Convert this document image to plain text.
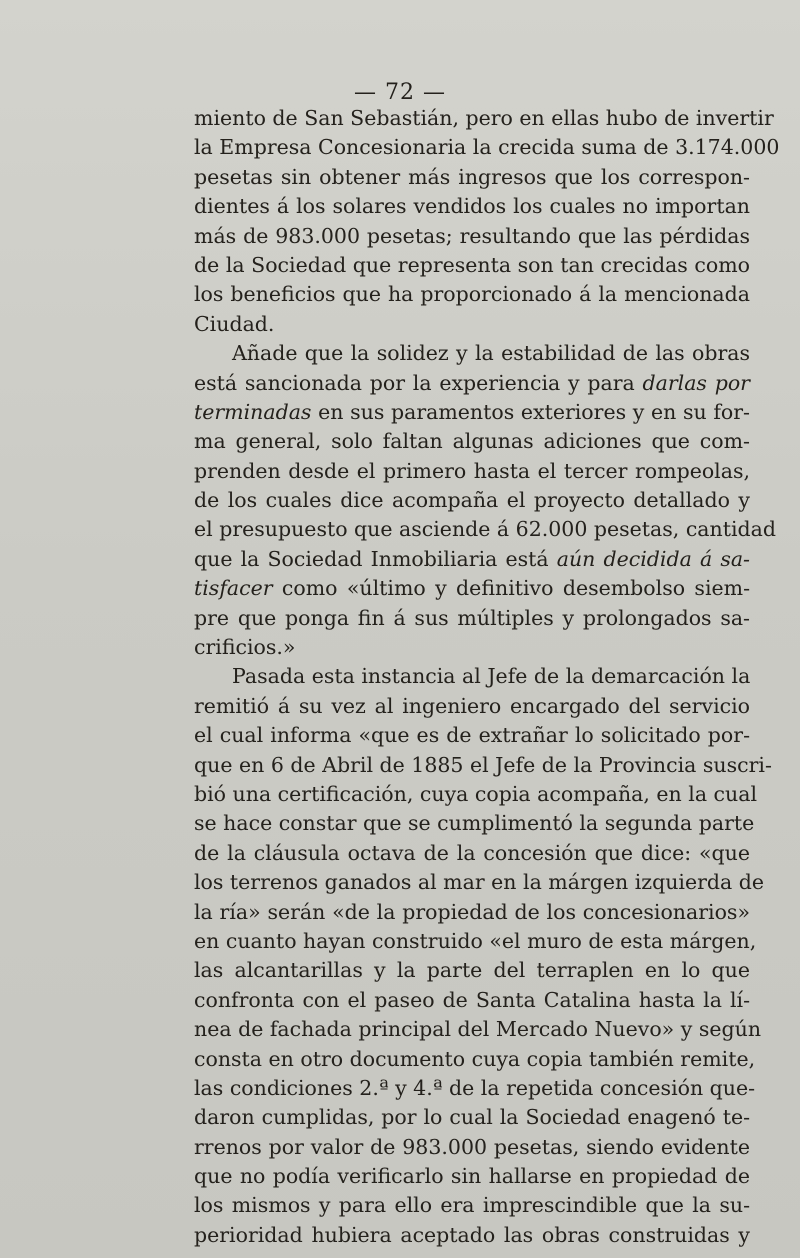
— 72 —
miento de San Sebastián, pero en ellas hubo de invertir
la Empresa Concesionaria la crecida suma de 3.174.000
pesetas sin obtener más ingresos que los correspon-
dientes á los solares vendidos los cuales no importan
más de 983.000 pesetas; resultando que las pérdidas
de la Sociedad que representa son tan crecidas como
los beneficios que ha proporcionado á la mencionada
Ciudad.
Añade que la solidez y la estabilidad de las obras
está sancionada por la experiencia y para darlas por
terminadas en sus paramentos exteriores y en su for-
ma general, solo faltan algunas adiciones que com-
prenden desde el primero hasta el tercer rompeolas,
de los cuales dice acompaña el proyecto detallado y
el presupuesto que asciende á 62.000 pesetas, cantidad
que la Sociedad Inmobiliaria está aún decidida á sa-
tisfacer como «último y definitivo desembolso siem-
pre que ponga fin á sus múltiples y prolongados sa-
crificios.»
Pasada esta instancia al Jefe de la demarcación la
remitió á su vez al ingeniero encargado del servicio
el cual informa «que es de extrañar lo solicitado por-
que en 6 de Abril de 1885 el Jefe de la Provincia suscri-
bió una certificación, cuya copia acompaña, en la cual
se hace constar que se cumplimentó la segunda parte
de la cláusula octava de la concesión que dice: «que
los terrenos ganados al mar en la márgen izquierda de
la ría» serán «de la propiedad de los concesionarios»
en cuanto hayan construido «el muro de esta márgen,
las alcantarillas y la parte del terraplen en lo que
confronta con el paseo de Santa Catalina hasta la lí-
nea de fachada principal del Mercado Nuevo» y según
consta en otro documento cuya copia también remite,
las condiciones 2.ª y 4.ª de la repetida concesión que-
daron cumplidas, por lo cual la Sociedad enagenó te-
rrenos por valor de 983.000 pesetas, siendo evidente
que no podía verificarlo sin hallarse en propiedad de
los mismos y para ello era imprescindible que la su-
perioridad hubiera aceptado las obras construidas y
